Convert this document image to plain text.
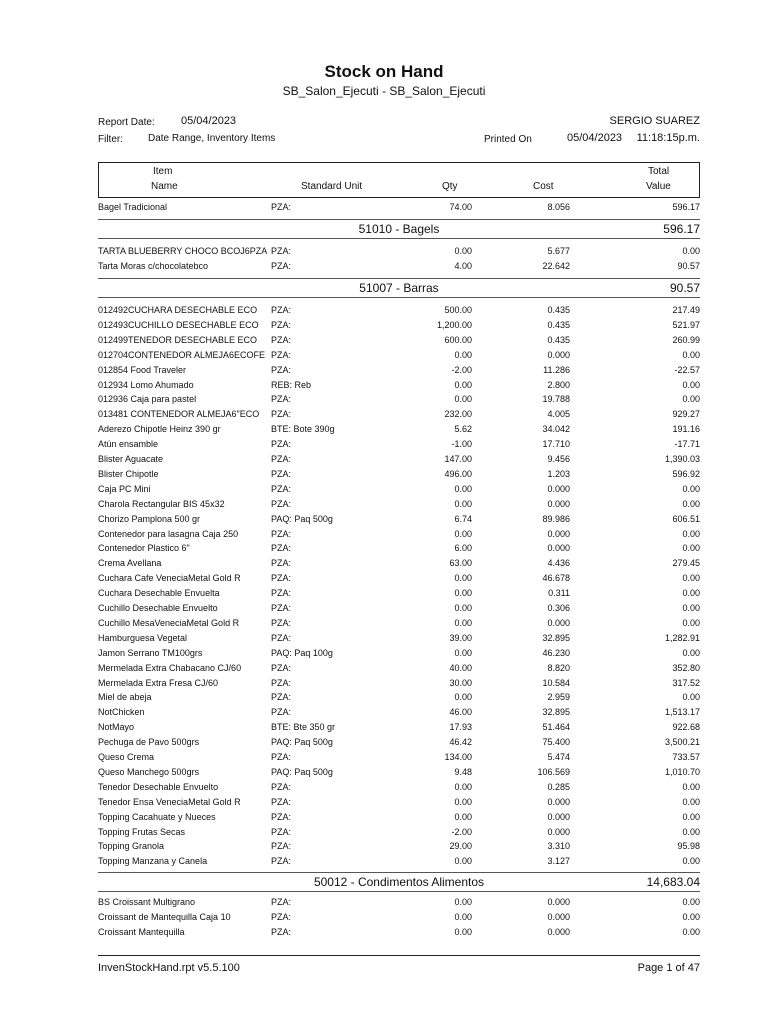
Stock on Hand
SB_Salon_Ejecuti - SB_Salon_Ejecuti
Report Date: 05/04/2023	SERGIO SUAREZ
Filter:	Date Range, Inventory Items	Printed On	05/04/2023 11:18:15p.m.
Item
Name	Standard Unit	Qty	Cost
Total
Value
Bagel Tradicional	PZA:	74.00	8.056	596.17
51010 - Bagels	596.17
TARTA BLUEBERRY CHOCO BCOJ6PZA PZA:	0.00	5.677	0.00
Tarta Moras c/chocolatebco	PZA:	4.00	22.642	90.57
51007 - Barras	90.57
012492CUCHARA DESECHABLE ECO	PZA:	500.00	0.435	217.49
012493CUCHILLO DESECHABLE ECO	PZA:	1,200.00	0.435	521.97
012499TENEDOR DESECHABLE ECO	PZA:	600.00	0.435	260.99
012704CONTENEDOR ALMEJA6ECOFE PZA:	0.00	0.000	0.00
012854 Food Traveler	PZA:	-2.00	11.286	-22.57
012934 Lomo Ahumado	REB: Reb	0.00	2.800	0.00
012936 Caja para pastel	PZA:	0.00	19.788	0.00
013481 CONTENEDOR ALMEJA6"ECO	PZA:	232.00	4.005	929.27
Aderezo Chipotle Heinz 390 gr	BTE: Bote 390g	5.62	34.042	191.16
Atún ensamble	PZA:	-1.00	17.710	-17.71
Blister Aguacate	PZA:	147.00	9.456	1,390.03
Blister Chipotle	PZA:	496.00	1.203	596.92
Caja PC Mini	PZA:	0.00	0.000	0.00
Charola Rectangular BIS 45x32	PZA:	0.00	0.000	0.00
Chorizo Pamplona 500 gr	PAQ: Paq 500g	6.74	89.986	606.51
Contenedor para lasagna Caja 250	PZA:	0.00	0.000	0.00
Contenedor Plastico 6"	PZA:	6.00	0.000	0.00
Crema Avellana	PZA:	63.00	4.436	279.45
Cuchara Cafe VeneciaMetal Gold R	PZA:	0.00	46.678	0.00
Cuchara Desechable Envuelta	PZA:	0.00	0.311	0.00
Cuchillo Desechable Envuelto	PZA:	0.00	0.306	0.00
Cuchillo MesaVeneciaMetal Gold R	PZA:	0.00	0.000	0.00
Hamburguesa Vegetal	PZA:	39.00	32.895	1,282.91
Jamon Serrano TM100grs	PAQ: Paq 100g	0.00	46.230	0.00
Mermelada Extra Chabacano CJ/60	PZA:	40.00	8.820	352.80
Mermelada Extra Fresa CJ/60	PZA:	30.00	10.584	317.52
Miel de abeja	PZA:	0.00	2.959	0.00
NotChicken	PZA:	46.00	32.895	1,513.17
NotMayo	BTE: Bte 350 gr	17.93	51.464	922.68
Pechuga de Pavo 500grs	PAQ: Paq 500g	46.42	75.400	3,500.21
Queso Crema	PZA:	134.00	5.474	733.57
Queso Manchego 500grs	PAQ: Paq 500g	9.48	106.569	1,010.70
Tenedor Desechable Envuelto	PZA:	0.00	0.285	0.00
Tenedor Ensa VeneciaMetal Gold R	PZA:	0.00	0.000	0.00
Topping Cacahuate y Nueces	PZA:	0.00	0.000	0.00
Topping Frutas Secas	PZA:	-2.00	0.000	0.00
Topping Granola	PZA:	29.00	3.310	95.98
Topping Manzana y Canela	PZA:	0.00	3.127	0.00
50012 - Condimentos Alimentos	14,683.04
BS Croissant Multigrano	PZA:	0.00	0.000	0.00
Croissant de Mantequilla Caja 10	PZA:	0.00	0.000	0.00
Croissant Mantequilla	PZA:	0.00	0.000	0.00
InvenStockHand.rpt v5.5.100	Page 1 of 47
